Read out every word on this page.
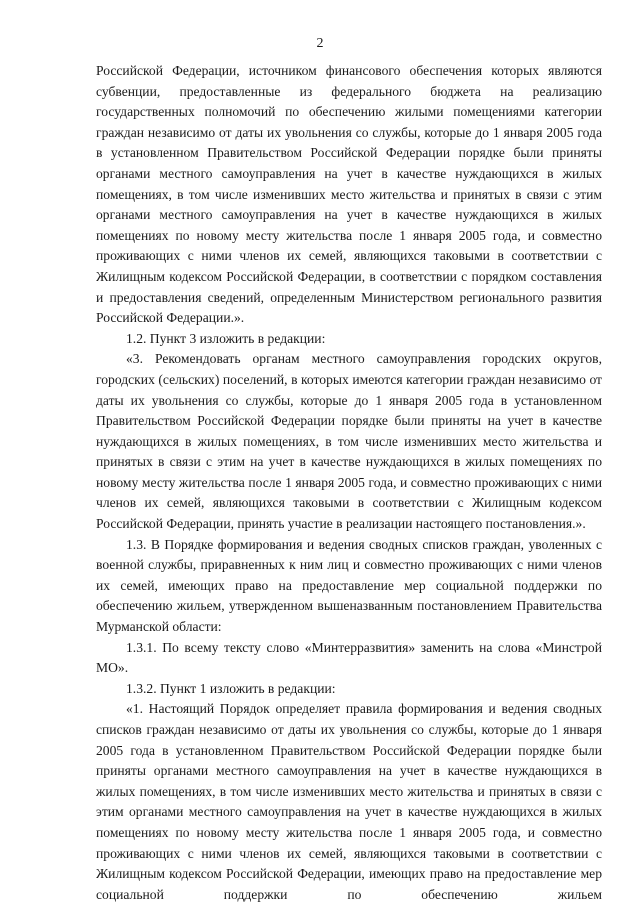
2

Российской Федерации, источником финансового обеспечения которых являются субвенции, предоставленные из федерального бюджета на реализацию государственных полномочий по обеспечению жилыми помещениями категории граждан независимо от даты их увольнения со службы, которые до 1 января 2005 года в установленном Правительством Российской Федерации порядке были приняты органами местного самоуправления на учет в качестве нуждающихся в жилых помещениях, в том числе изменивших место жительства и принятых в связи с этим органами местного самоуправления на учет в качестве нуждающихся в жилых помещениях по новому месту жительства после 1 января 2005 года, и совместно проживающих с ними членов их семей, являющихся таковыми в соответствии с Жилищным кодексом Российской Федерации, в соответствии с порядком составления и предоставления сведений, определенным Министерством регионального развития Российской Федерации.».

1.2. Пункт 3 изложить в редакции:

«3. Рекомендовать органам местного самоуправления городских округов, городских (сельских) поселений, в которых имеются категории граждан независимо от даты их увольнения со службы, которые до 1 января 2005 года в установленном Правительством Российской Федерации порядке были приняты на учет в качестве нуждающихся в жилых помещениях, в том числе изменивших место жительства и принятых в связи с этим на учет в качестве нуждающихся в жилых помещениях по новому месту жительства после 1 января 2005 года, и совместно проживающих с ними членов их семей, являющихся таковыми в соответствии с Жилищным кодексом Российской Федерации, принять участие в реализации настоящего постановления.».

1.3. В Порядке формирования и ведения сводных списков граждан, уволенных с военной службы, приравненных к ним лиц и совместно проживающих с ними членов их семей, имеющих право на предоставление мер социальной поддержки по обеспечению жильем, утвержденном вышеназванным постановлением Правительства Мурманской области:

1.3.1. По всему тексту слово «Минтерразвития» заменить на слова «Минстрой МО».

1.3.2. Пункт 1 изложить в редакции:

«1. Настоящий Порядок определяет правила формирования и ведения сводных списков граждан независимо от даты их увольнения со службы, которые до 1 января 2005 года в установленном Правительством Российской Федерации порядке были приняты органами местного самоуправления на учет в качестве нуждающихся в жилых помещениях, в том числе изменивших место жительства и принятых в связи с этим органами местного самоуправления на учет в качестве нуждающихся в жилых помещениях по новому месту жительства после 1 января 2005 года, и совместно проживающих с ними членов их семей, являющихся таковыми в соответствии с Жилищным кодексом Российской Федерации, имеющих право на предоставление мер социальной поддержки по обеспечению жильем
